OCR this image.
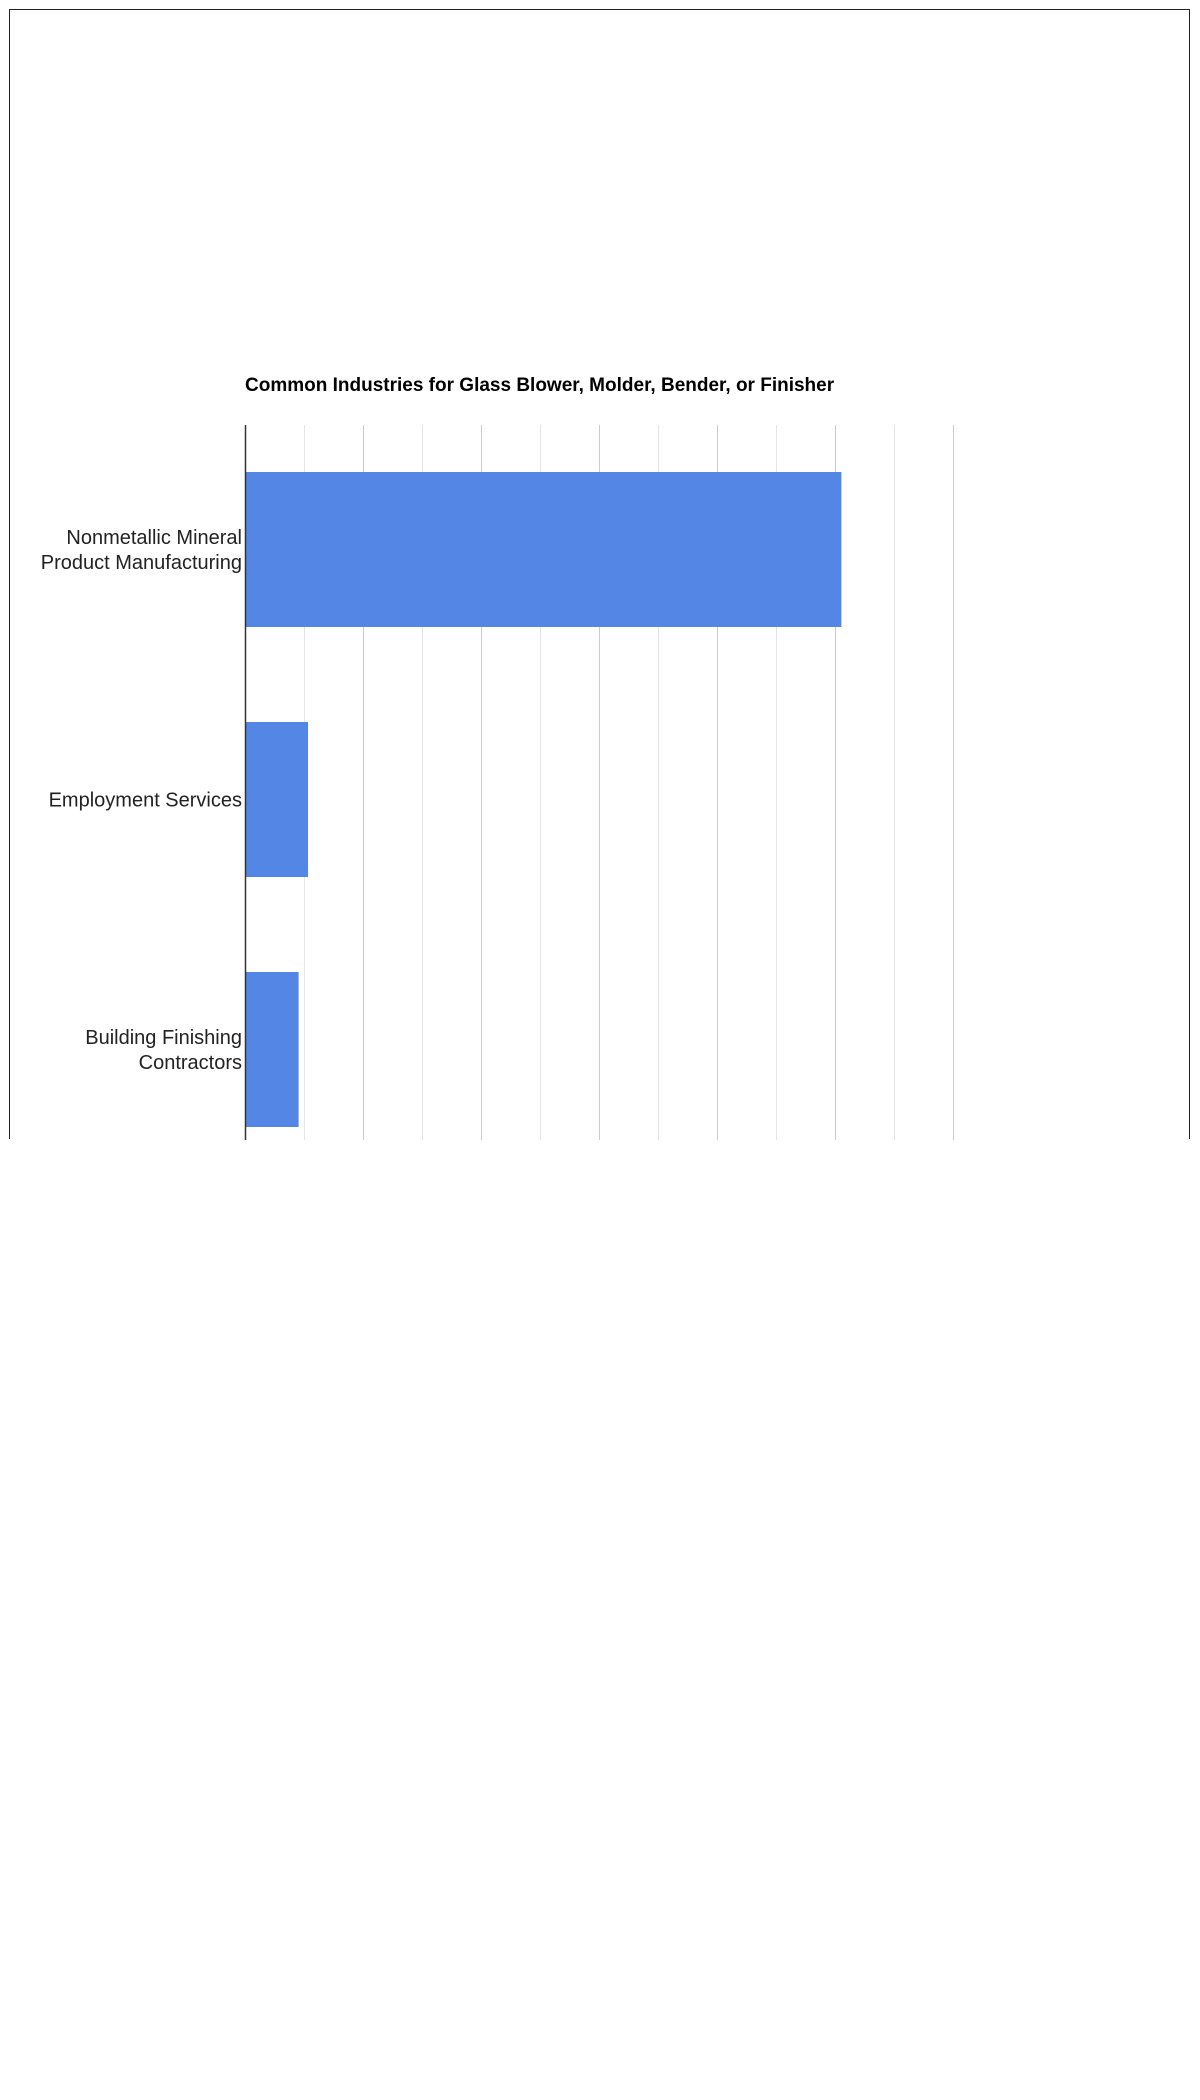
Common Industries for Glass Blower, Molder, Bender, or Finisher
Nonmetallic Mineral Product Manufacturing
Employment Services
Building Finishing Contractors
